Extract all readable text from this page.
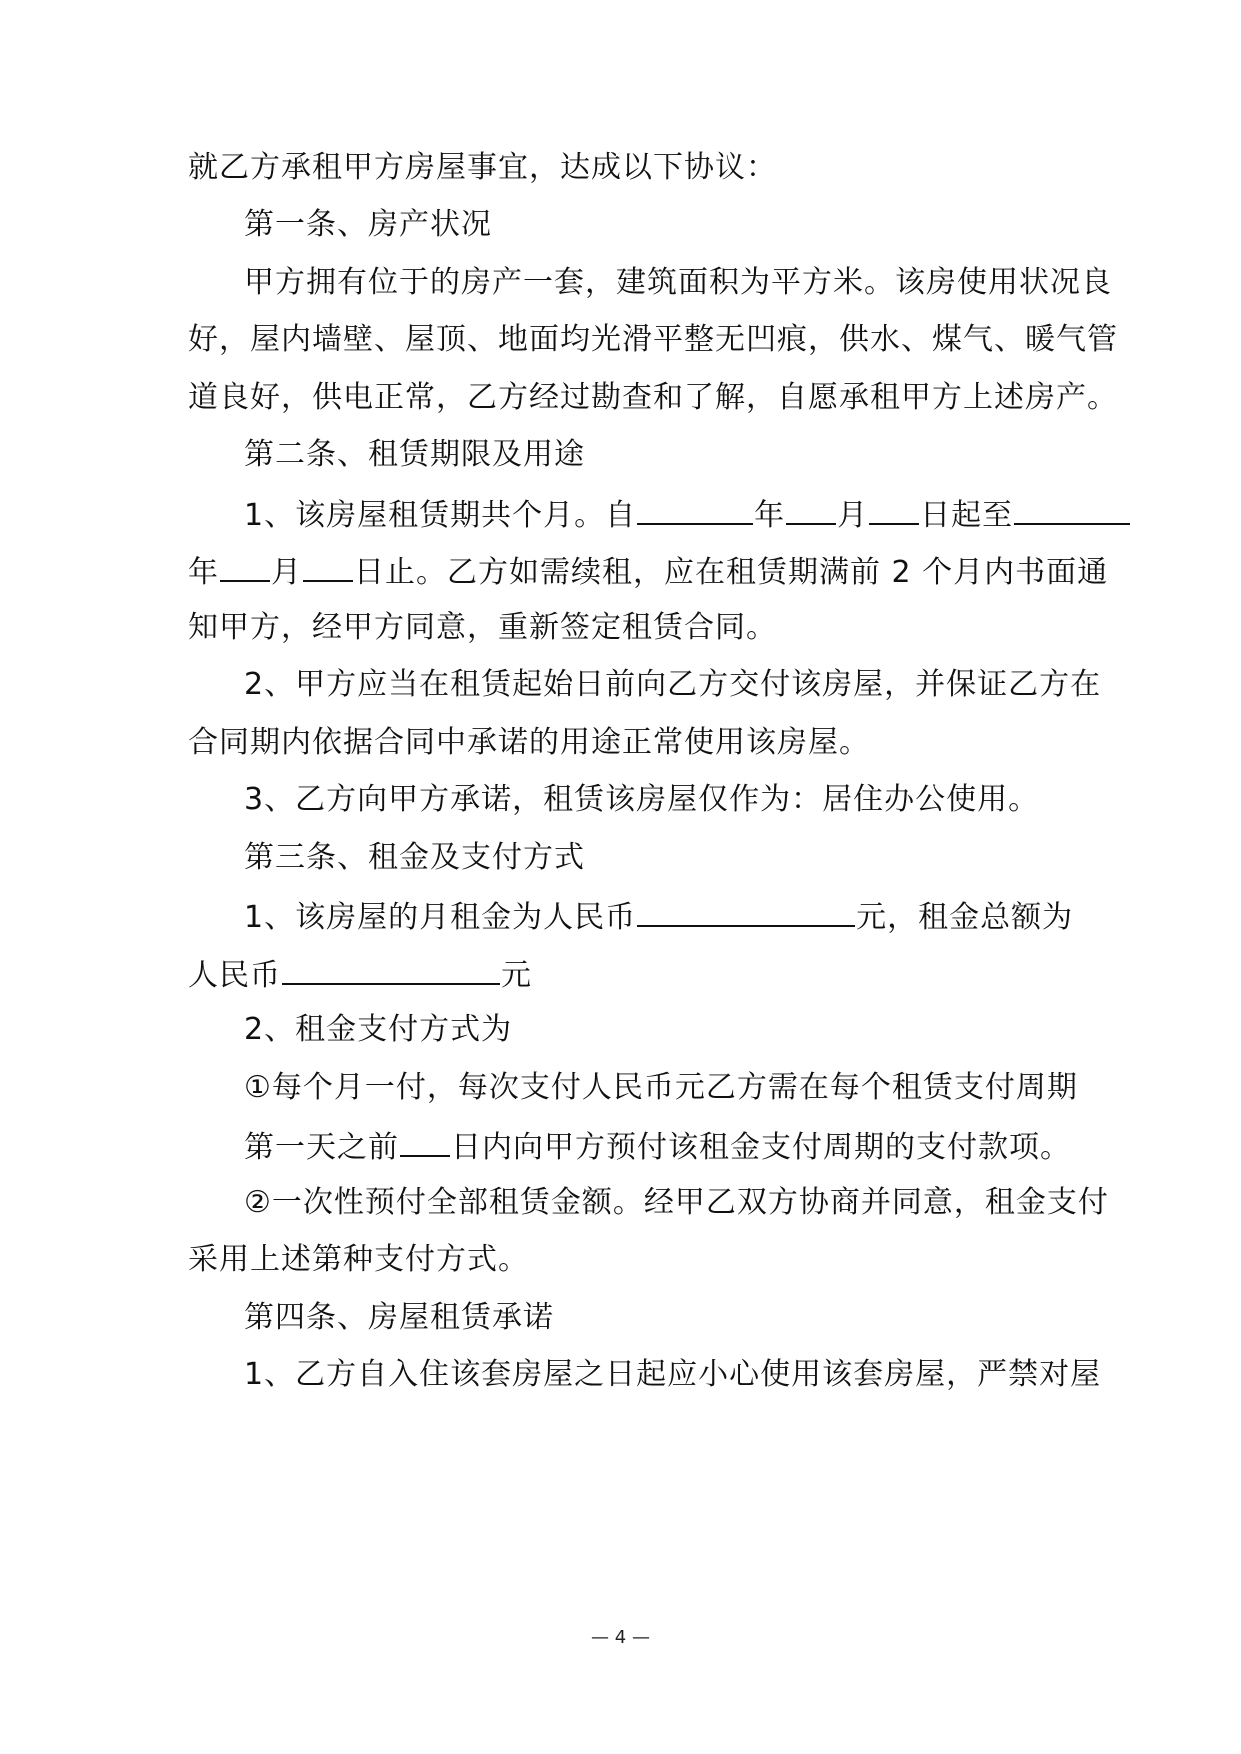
就乙方承租甲方房屋事宜，达成以下协议：
第一条、房产状况
甲方拥有位于的房产一套，建筑面积为平方米。该房使用状况良
好，屋内墙壁、屋顶、地面均光滑平整无凹痕，供水、煤气、暖气管
道良好，供电正常，乙方经过勘查和了解，自愿承租甲方上述房产。
第二条、租赁期限及用途
1、该房屋租赁期共个月。自	年 月 日起至
年 月 日止。乙方如需续租，应在租赁期满前 2 个月内书面通
知甲方，经甲方同意，重新签定租赁合同。
2、甲方应当在租赁起始日前向乙方交付该房屋，并保证乙方在
合同期内依据合同中承诺的用途正常使用该房屋。
3、乙方向甲方承诺，租赁该房屋仅作为：居住办公使用。
第三条、租金及支付方式
1、该房屋的月租金为人民币	元，租金总额为
人民币	元
2、租金支付方式为
①每个月一付，每次支付人民币元乙方需在每个租赁支付周期
第一天之前 日内向甲方预付该租金支付周期的支付款项。
②一次性预付全部租赁金额。经甲乙双方协商并同意，租金支付
采用上述第种支付方式。
第四条、房屋租赁承诺
1、乙方自入住该套房屋之日起应小心使用该套房屋，严禁对屋
— 4 —
